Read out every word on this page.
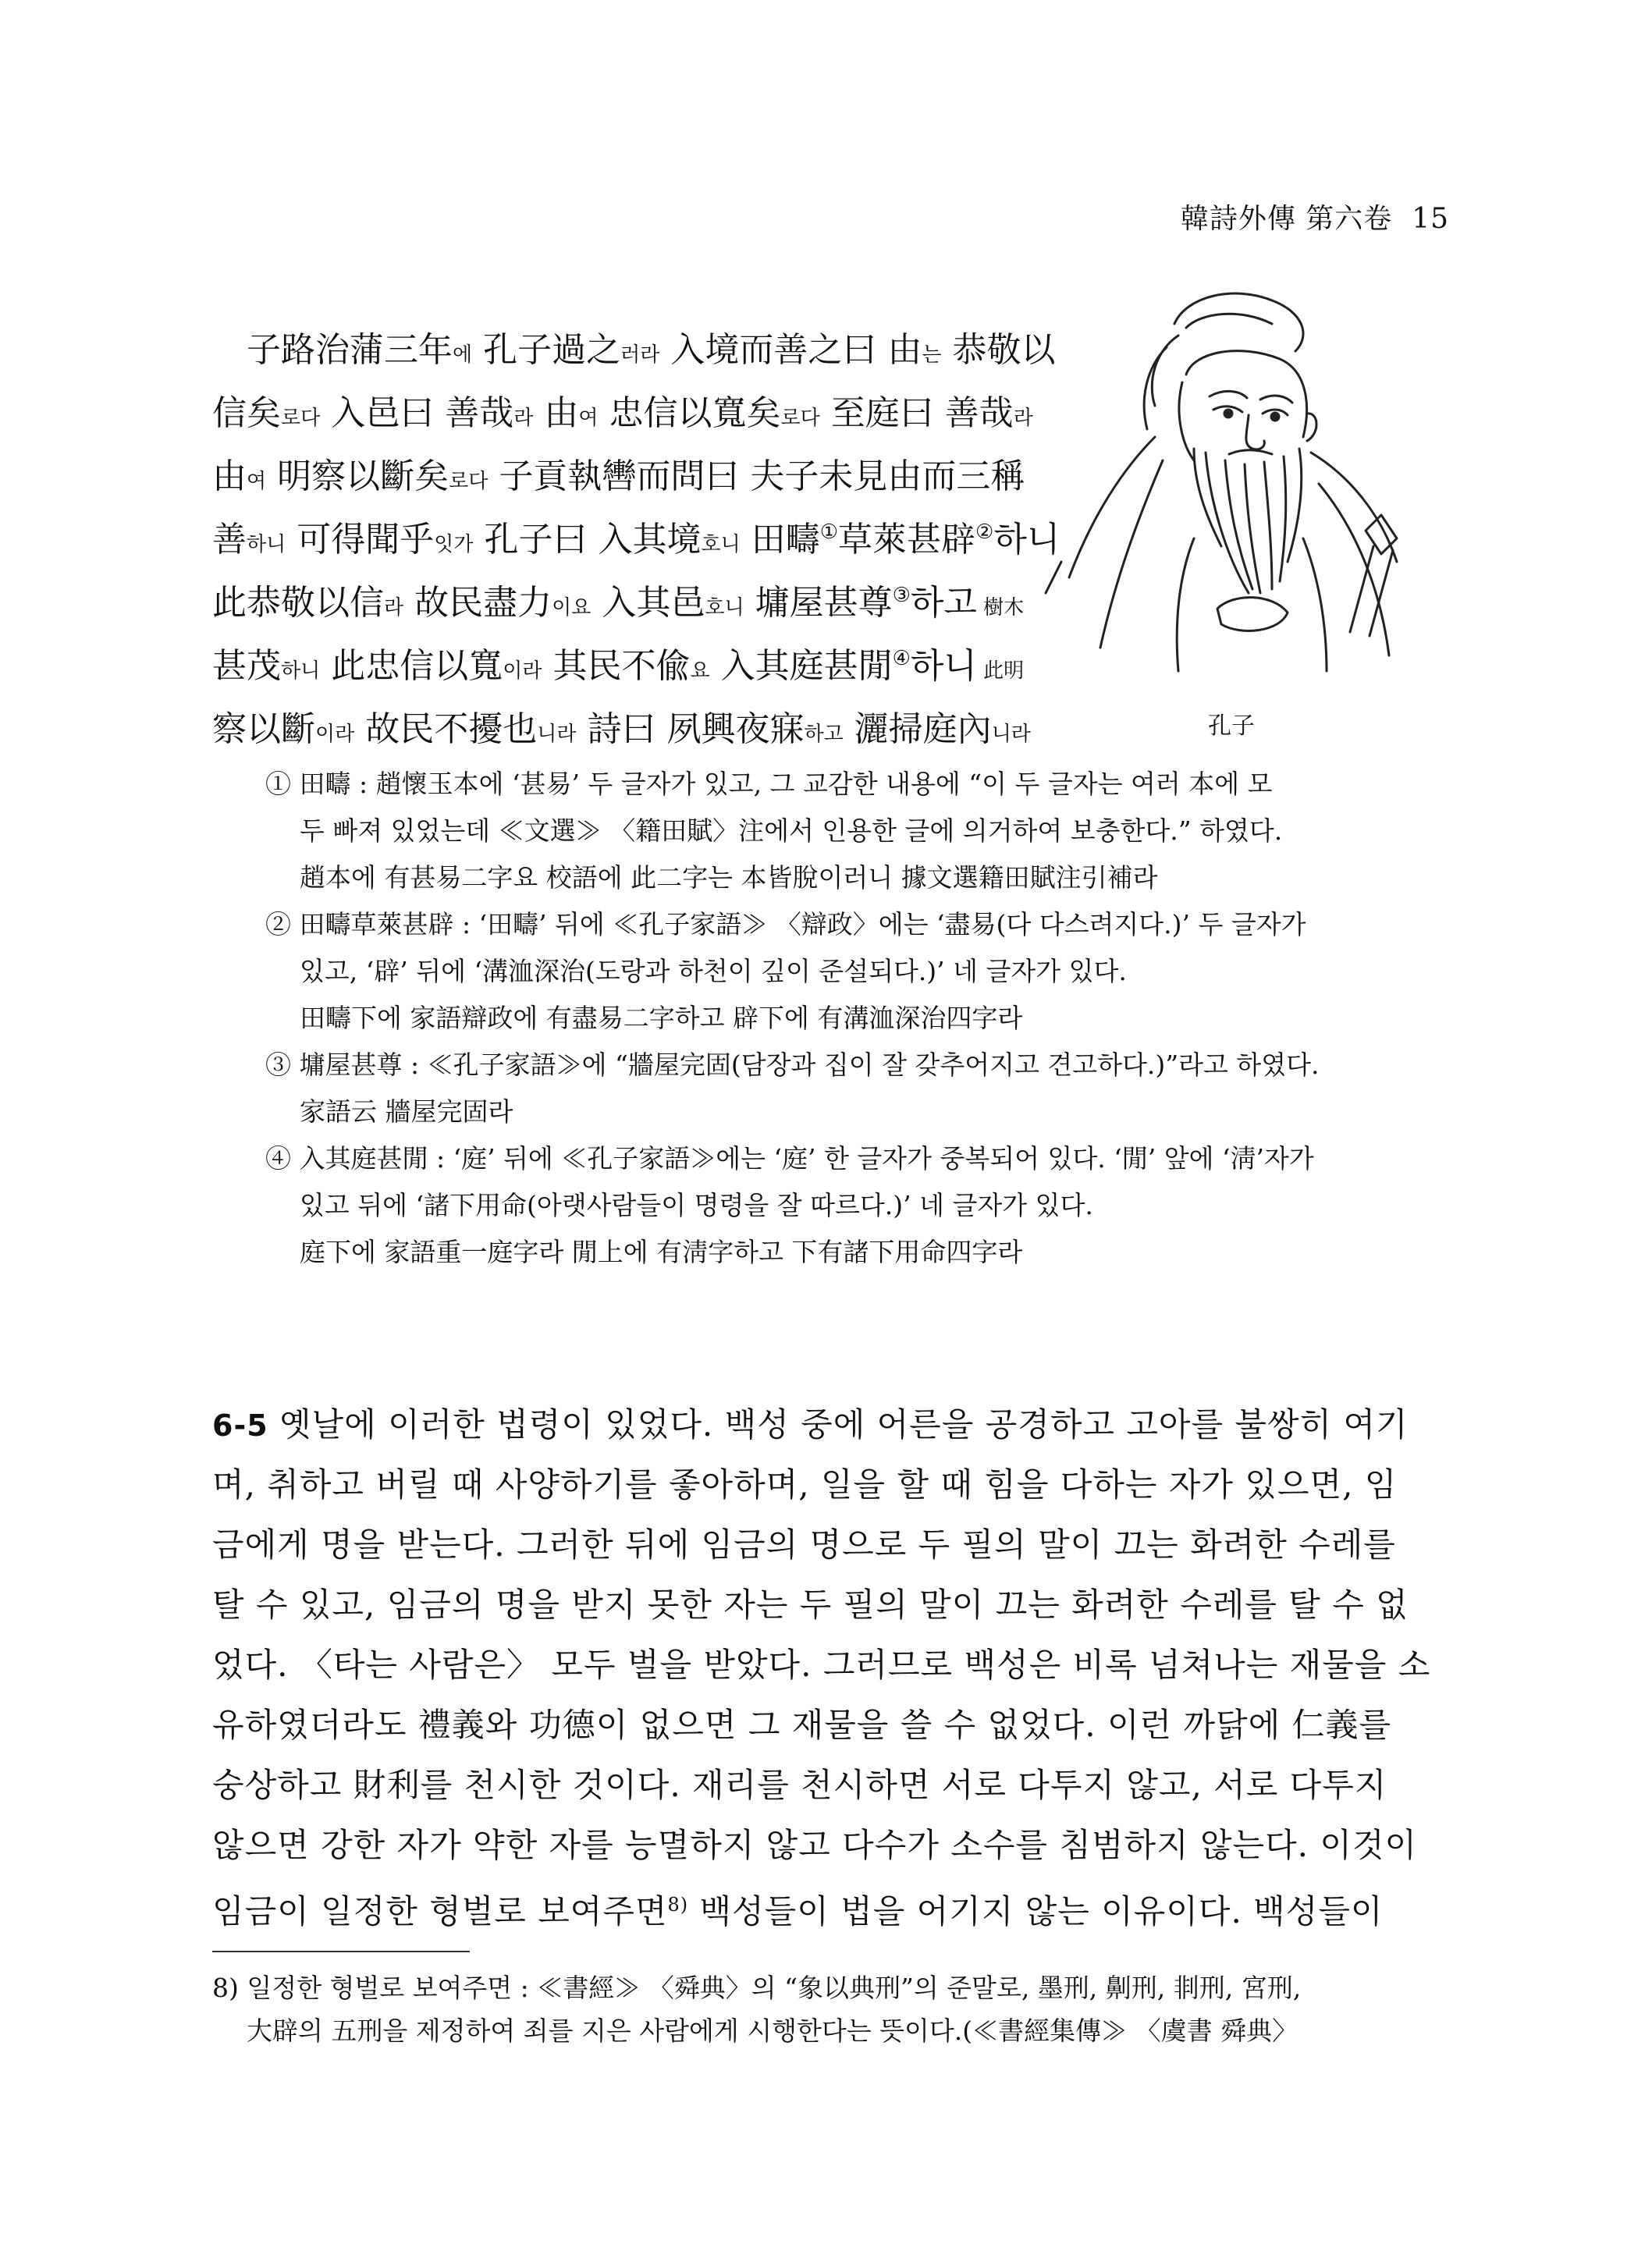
韓詩外傳 第六卷 15
子路治蒲三年에 孔子過之러라 入境而善之曰 由는 恭敬以
信矣로다 入邑曰 善哉라 由여 忠信以寬矣로다 至庭曰 善哉라
由여 明察以斷矣로다 子貢執轡而問曰 夫子未見由而三稱
善하니 可得聞乎잇가 孔子曰 入其境호니 田疇①草萊甚辟②하니
此恭敬以信라 故民盡力이요 入其邑호니 墉屋甚尊③하고 樹木
甚茂하니 此忠信以寬이라 其民不偸요 入其庭甚閒④하니 此明
察以斷이라 故民不擾也니라 詩曰 夙興夜寐하고 灑掃庭內니라	孔子
① 田疇 : 趙懷玉本에 ‘甚易’ 두 글자가 있고, 그 교감한 내용에 “이 두 글자는 여러 本에 모
두 빠져 있었는데 ≪文選≫ 〈籍田賦〉注에서 인용한 글에 의거하여 보충한다.” 하였다.
趙本에 有甚易二字요 校語에 此二字는 本皆脫이러니 據文選籍田賦注引補라
② 田疇草萊甚辟 : ‘田疇’ 뒤에 ≪孔子家語≫ 〈辯政〉에는 ‘盡易(다 다스려지다.)’ 두 글자가
있고, ‘辟’ 뒤에 ‘溝洫深治(도랑과 하천이 깊이 준설되다.)’ 네 글자가 있다.
田疇下에 家語辯政에 有盡易二字하고 辟下에 有溝洫深治四字라
③ 墉屋甚尊 : ≪孔子家語≫에 “牆屋完固(담장과 집이 잘 갖추어지고 견고하다.)”라고 하였다.
家語云 牆屋完固라
④ 入其庭甚閒 : ‘庭’ 뒤에 ≪孔子家語≫에는 ‘庭’ 한 글자가 중복되어 있다. ‘閒’ 앞에 ‘淸’자가
있고 뒤에 ‘諸下用命(아랫사람들이 명령을 잘 따르다.)’ 네 글자가 있다.
庭下에 家語重一庭字라 閒上에 有淸字하고 下有諸下用命四字라
6-5 옛날에 이러한 법령이 있었다. 백성 중에 어른을 공경하고 고아를 불쌍히 여기
며, 취하고 버릴 때 사양하기를 좋아하며, 일을 할 때 힘을 다하는 자가 있으면, 임
금에게 명을 받는다. 그러한 뒤에 임금의 명으로 두 필의 말이 끄는 화려한 수레를
탈 수 있고, 임금의 명을 받지 못한 자는 두 필의 말이 끄는 화려한 수레를 탈 수 없
었다. 〈타는 사람은〉 모두 벌을 받았다. 그러므로 백성은 비록 넘쳐나는 재물을 소
유하였더라도 禮義와 功德이 없으면 그 재물을 쓸 수 없었다. 이런 까닭에 仁義를
숭상하고 財利를 천시한 것이다. 재리를 천시하면 서로 다투지 않고, 서로 다투지
않으면 강한 자가 약한 자를 능멸하지 않고 다수가 소수를 침범하지 않는다. 이것이
임금이 일정한 형벌로 보여주면$^{8)}$ 백성들이 법을 어기지 않는 이유이다. 백성들이
8) 일정한 형벌로 보여주면 : ≪書經≫ 〈舜典〉의 “象以典刑”의 준말로, 墨刑, 劓刑, 剕刑, 宮刑,
大辟의 五刑을 제정하여 죄를 지은 사람에게 시행한다는 뜻이다.(≪書經集傳≫ 〈虞書 舜典〉
